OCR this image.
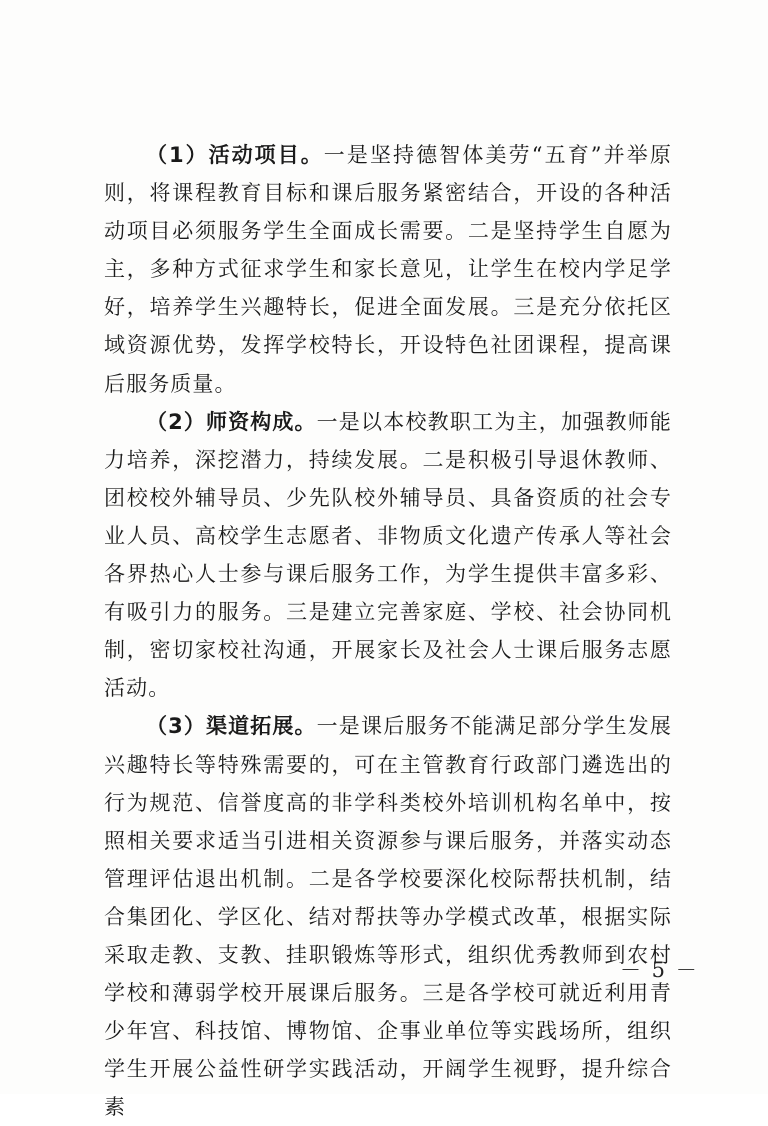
（1）活动项目。一是坚持德智体美劳“五育”并举原则，将课程教育目标和课后服务紧密结合，开设的各种活动项目必须服务学生全面成长需要。二是坚持学生自愿为主，多种方式征求学生和家长意见，让学生在校内学足学好，培养学生兴趣特长，促进全面发展。三是充分依托区域资源优势，发挥学校特长，开设特色社团课程，提高课后服务质量。

（2）师资构成。一是以本校教职工为主，加强教师能力培养，深挖潜力，持续发展。二是积极引导退休教师、团校校外辅导员、少先队校外辅导员、具备资质的社会专业人员、高校学生志愿者、非物质文化遗产传承人等社会各界热心人士参与课后服务工作，为学生提供丰富多彩、有吸引力的服务。三是建立完善家庭、学校、社会协同机制，密切家校社沟通，开展家长及社会人士课后服务志愿活动。

（3）渠道拓展。一是课后服务不能满足部分学生发展兴趣特长等特殊需要的，可在主管教育行政部门遴选出的行为规范、信誉度高的非学科类校外培训机构名单中，按照相关要求适当引进相关资源参与课后服务，并落实动态管理评估退出机制。二是各学校要深化校际帮扶机制，结合集团化、学区化、结对帮扶等办学模式改革，根据实际采取走教、支教、挂职锻炼等形式，组织优秀教师到农村学校和薄弱学校开展课后服务。三是各学校可就近利用青少年宫、科技馆、博物馆、企事业单位等实践场所，组织学生开展公益性研学实践活动，开阔学生视野，提升综合素

－ 5 －
